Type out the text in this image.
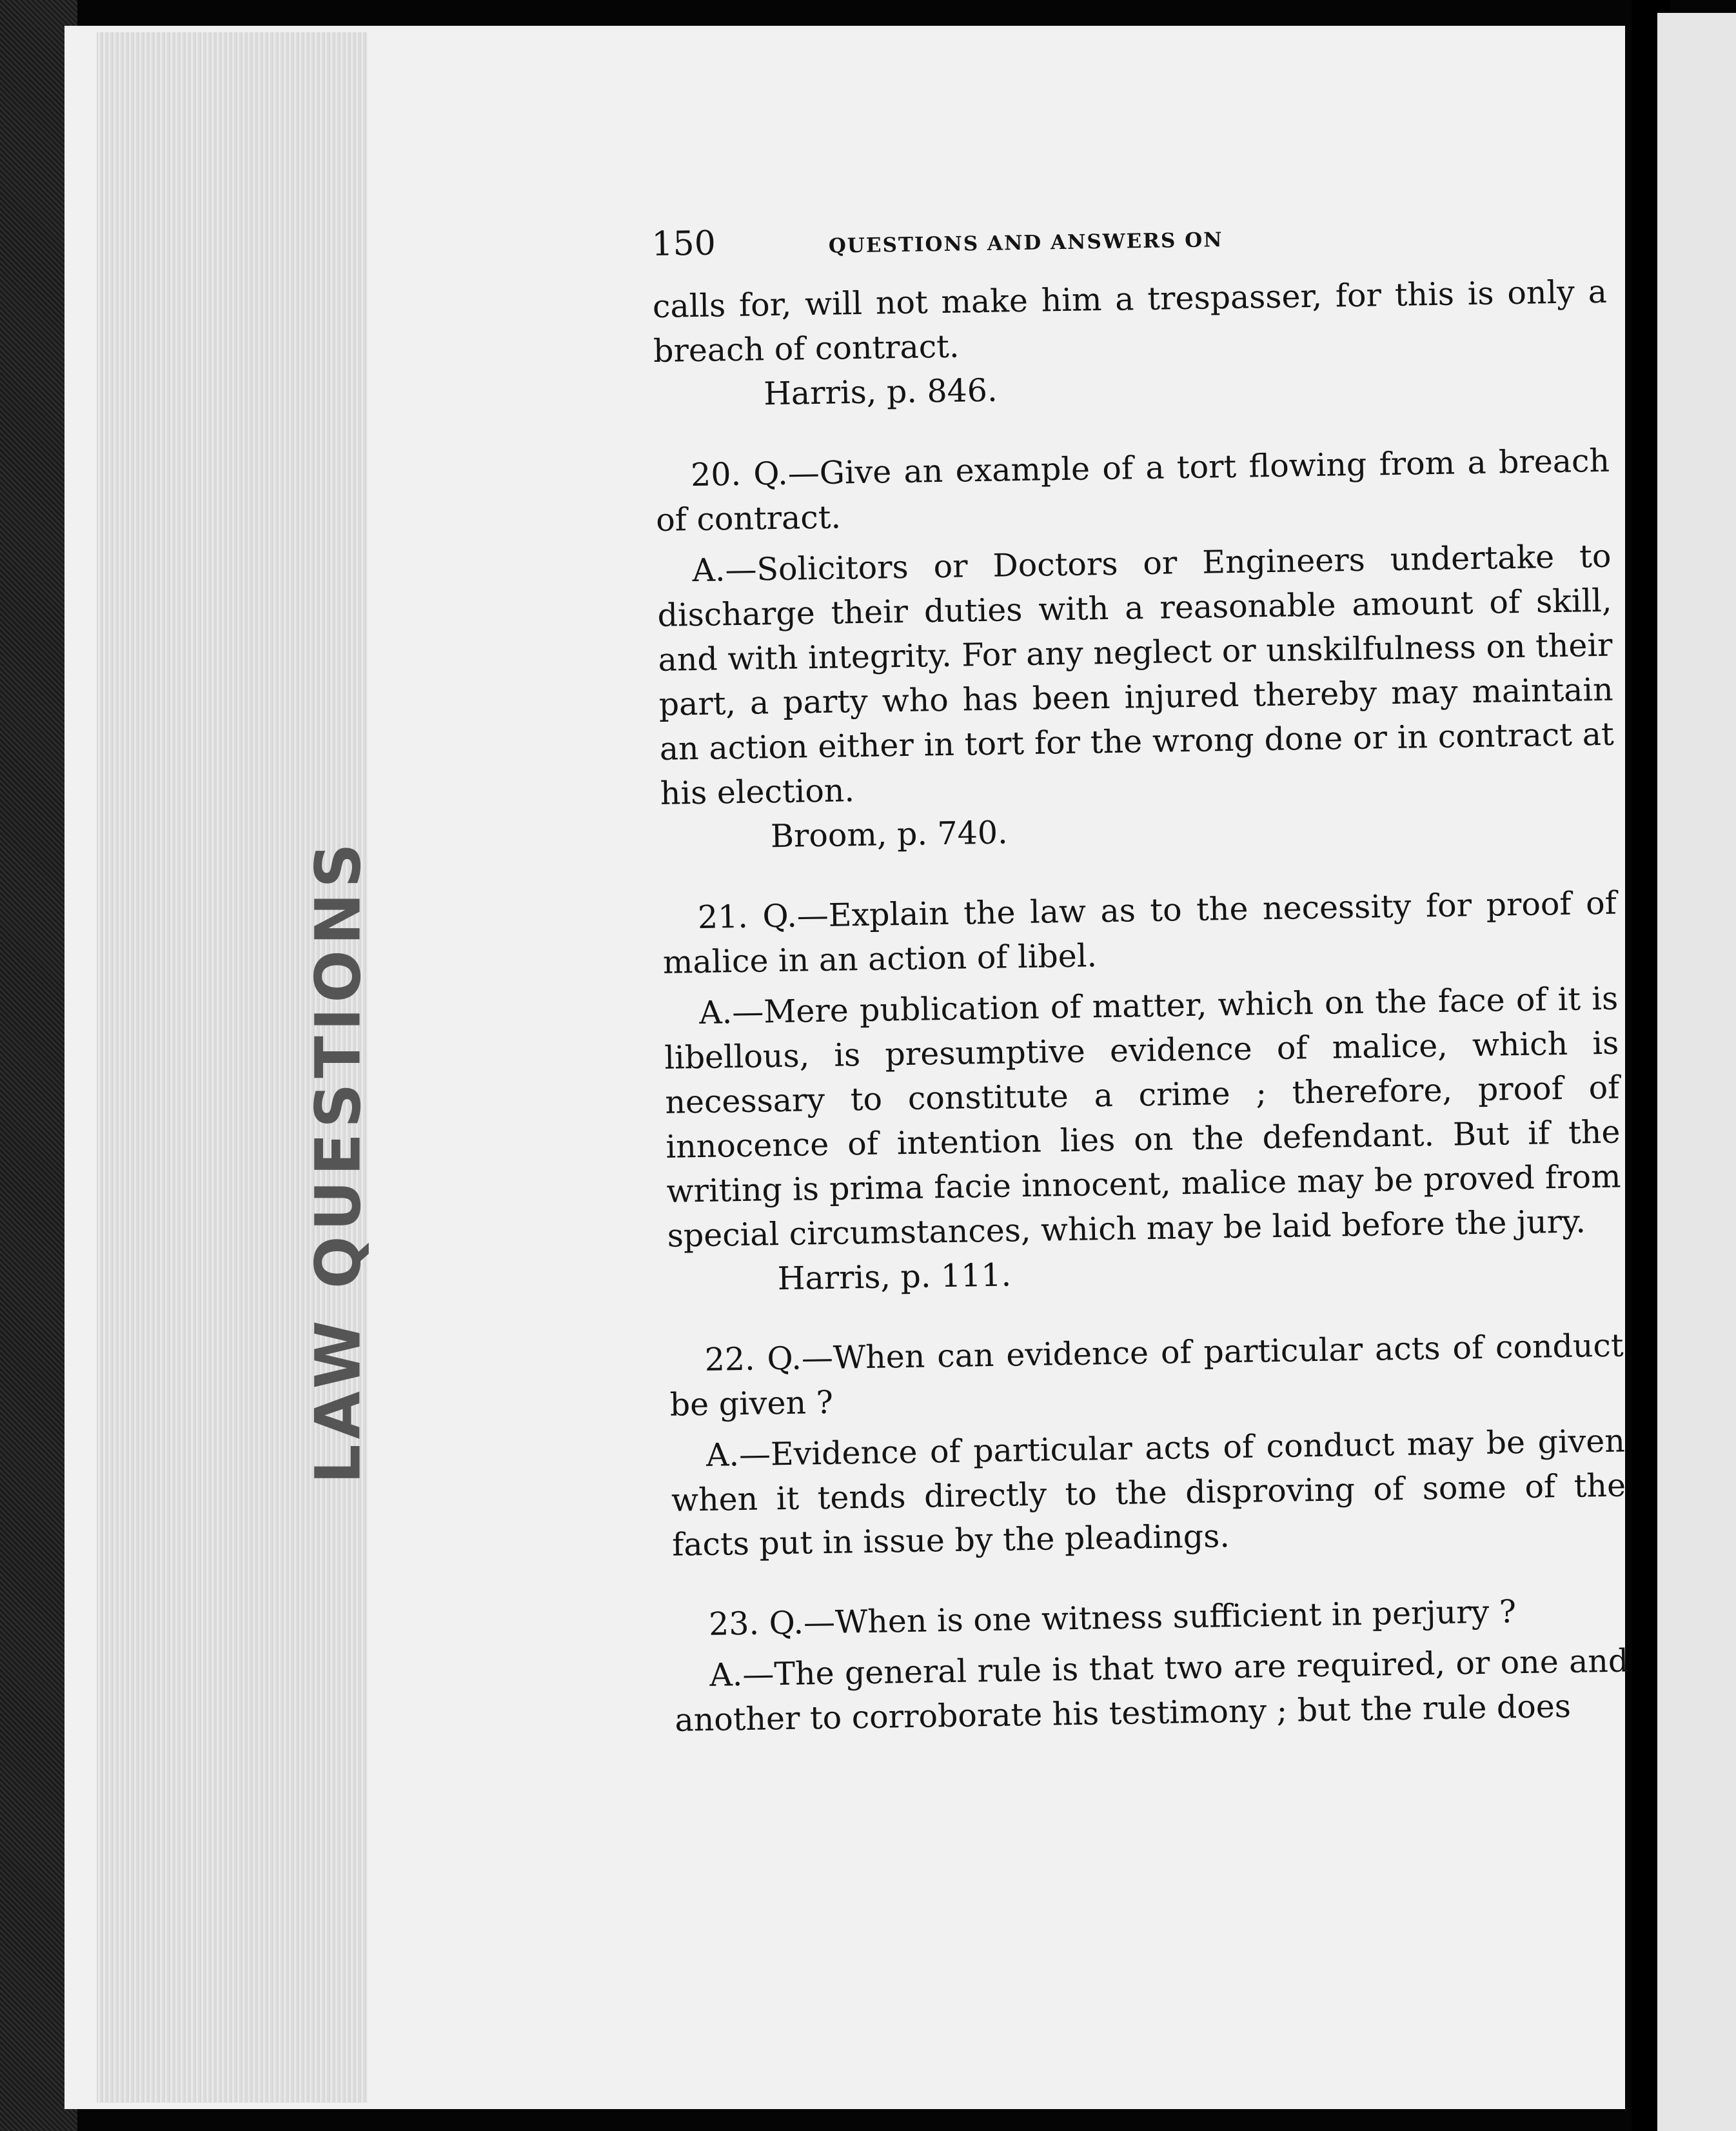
LAW QUESTIONS
150	QUESTIONS AND ANSWERS ON

calls for, will not make him a trespasser, for this is only a breach of contract.

Harris, p. 846.

20. Q.—Give an example of a tort flowing from a breach of contract.

A.—Solicitors or Doctors or Engineers undertake to discharge their duties with a reasonable amount of skill, and with integrity. For any neglect or unskilfulness on their part, a party who has been injured thereby may maintain an action either in tort for the wrong done or in contract at his election.

Broom, p. 740.

21. Q.—Explain the law as to the necessity for proof of malice in an action of libel.

A.—Mere publication of matter, which on the face of it is libellous, is presumptive evidence of malice, which is necessary to constitute a crime ; therefore, proof of innocence of intention lies on the defendant. But if the writing is prima facie innocent, malice may be proved from special circumstances, which may be laid before the jury.

Harris, p. 111.

22. Q.—When can evidence of particular acts of conduct be given ?

A.—Evidence of particular acts of conduct may be given when it tends directly to the disproving of some of the facts put in issue by the pleadings.

23. Q.—When is one witness sufficient in perjury ?

A.—The general rule is that two are required, or one and another to corroborate his testimony ; but the rule does
